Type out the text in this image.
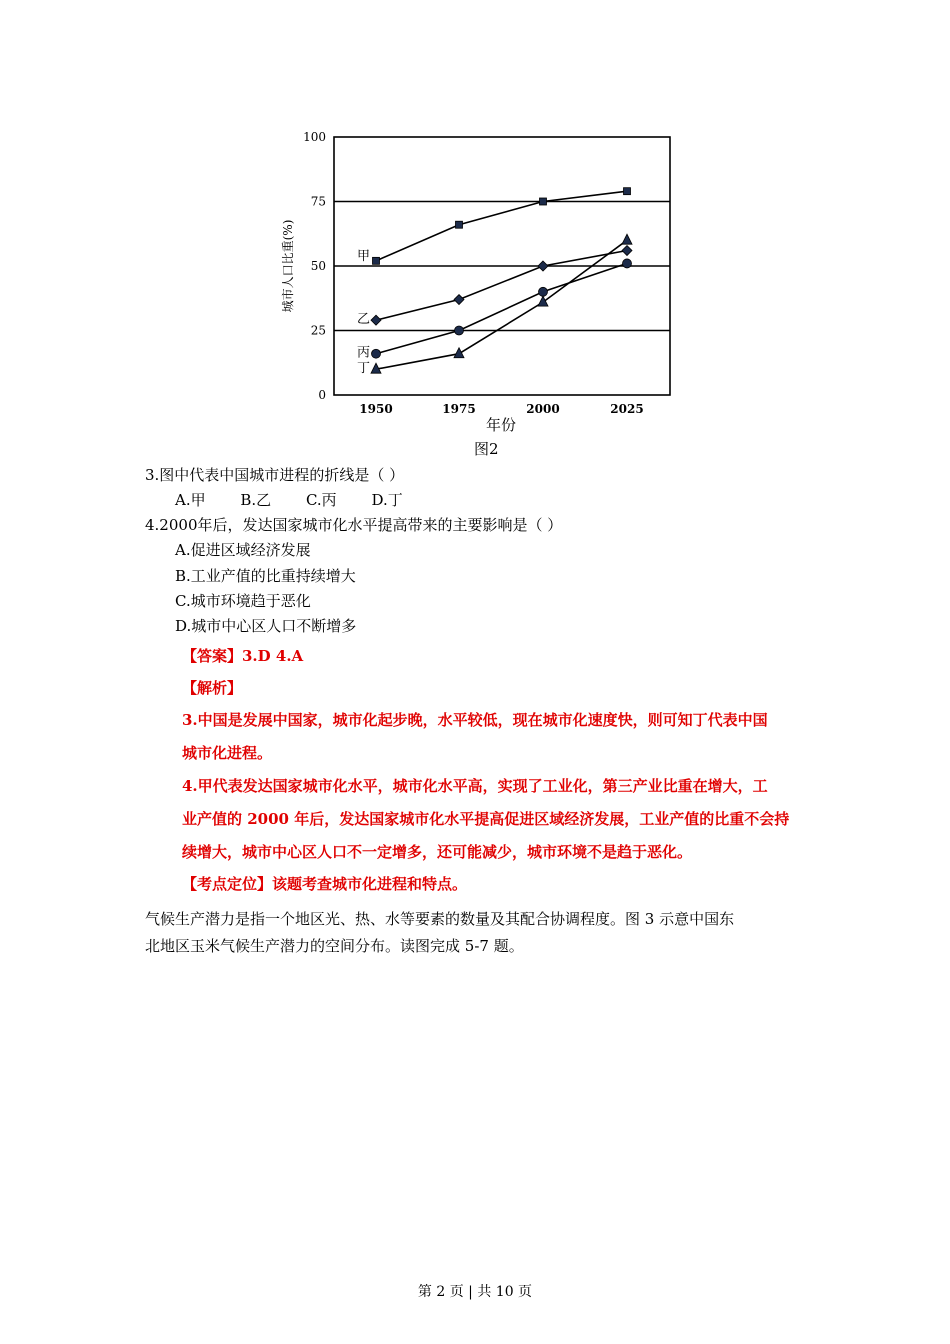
0
25
50
75
100
1950	1975	2000	2025
年份
城市人口比重(%)	甲
乙
丙
丁
图2
3.图中代表中国城市进程的折线是（ ）
A.甲 B.乙 C.丙 D.丁
4.2000年后，发达国家城市化水平提高带来的主要影响是（ ）
A.促进区域经济发展
B.工业产值的比重持续增大
C.城市环境趋于恶化
D.城市中心区人口不断增多
【答案】3.D 4.A
【解析】
3.中国是发展中国家，城市化起步晚，水平较低，现在城市化速度快，则可知丁代表中国
城市化进程。
4.甲代表发达国家城市化水平，城市化水平高，实现了工业化，第三产业比重在增大，工
业产值的 2000 年后，发达国家城市化水平提高促进区域经济发展，工业产值的比重不会持
续增大，城市中心区人口不一定增多，还可能减少，城市环境不是趋于恶化。
【考点定位】该题考查城市化进程和特点。
气候生产潜力是指一个地区光、热、水等要素的数量及其配合协调程度。图 3 示意中国东
北地区玉米气候生产潜力的空间分布。读图完成 5-7 题。
第 2 页 | 共 10 页
